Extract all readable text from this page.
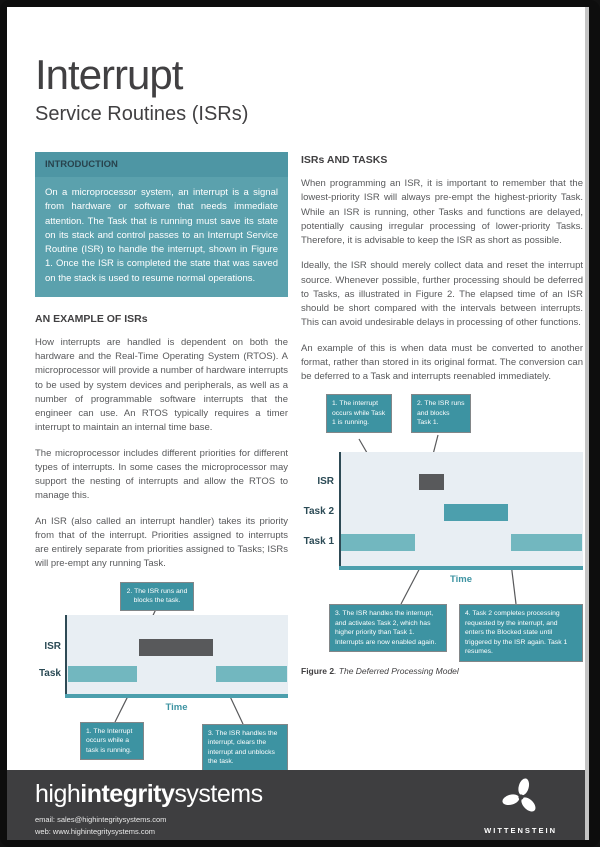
Interrupt
Service Routines (ISRs)
INTRODUCTION
On a microprocessor system, an interrupt is a signal from hardware or software that needs immediate attention. The Task that is running must save its state on its stack and control passes to an Interrupt Service Routine (ISR) to handle the interrupt, shown in Figure 1. Once the ISR is completed the state that was saved on the stack is used to resume normal operations.
AN EXAMPLE OF ISRs

How interrupts are handled is dependent on both the hardware and the Real-Time Operating System (RTOS). A microprocessor will provide a number of hardware interrupts to be used by system devices and peripherals, as well as a number of programmable software interrupts that the engineer can use. An RTOS typically requires a timer interrupt to maintain an internal time base.

The microprocessor includes different priorities for different types of interrupts. In some cases the microprocessor may support the nesting of interrupts and allow the RTOS to manage this.

An ISR (also called an interrupt handler) takes its priority from that of the interrupt. Priorities assigned to interrupts are entirely separate from priorities assigned to Tasks; ISRs will pre-empt any running Task.

2. The ISR runs and blocks the task.
ISR
Task
Time
1. The Interrupt occurs while a task is running.
3. The ISR handles the interrupt, clears the interrupt and unblocks the task.
ISRs AND TASKS

When programming an ISR, it is important to remember that the lowest-priority ISR will always pre-empt the highest-priority Task. While an ISR is running, other Tasks and functions are delayed, potentially causing irregular processing of lower-priority Tasks. Therefore, it is advisable to keep the ISR as short as possible.

Ideally, the ISR should merely collect data and reset the interrupt source. Whenever possible, further processing should be deferred to Tasks, as illustrated in Figure 2. The elapsed time of an ISR should be short compared with the intervals between interrupts. This can avoid undesirable delays in processing of other functions.

An example of this is when data must be converted to another format, rather than stored in its original format. The conversion can be deferred to a Task and interrupts reenabled immediately.

1. The interrupt occurs while Task 1 is running.
2. The ISR runs and blocks Task 1.
ISR
Task 2
Task 1
Time
3. The ISR handles the interrupt, and activates Task 2, which has higher priority than Task 1. Interrupts are now enabled again.
4. Task 2 completes processing requested by the interrupt, and enters the Blocked state until triggered by the ISR again. Task 1 resumes.
Figure 2. The Deferred Processing Model
highintegritysystems
email: sales@highintegritysystems.com
web: www.highintegritysystems.com	WITTENSTEIN
